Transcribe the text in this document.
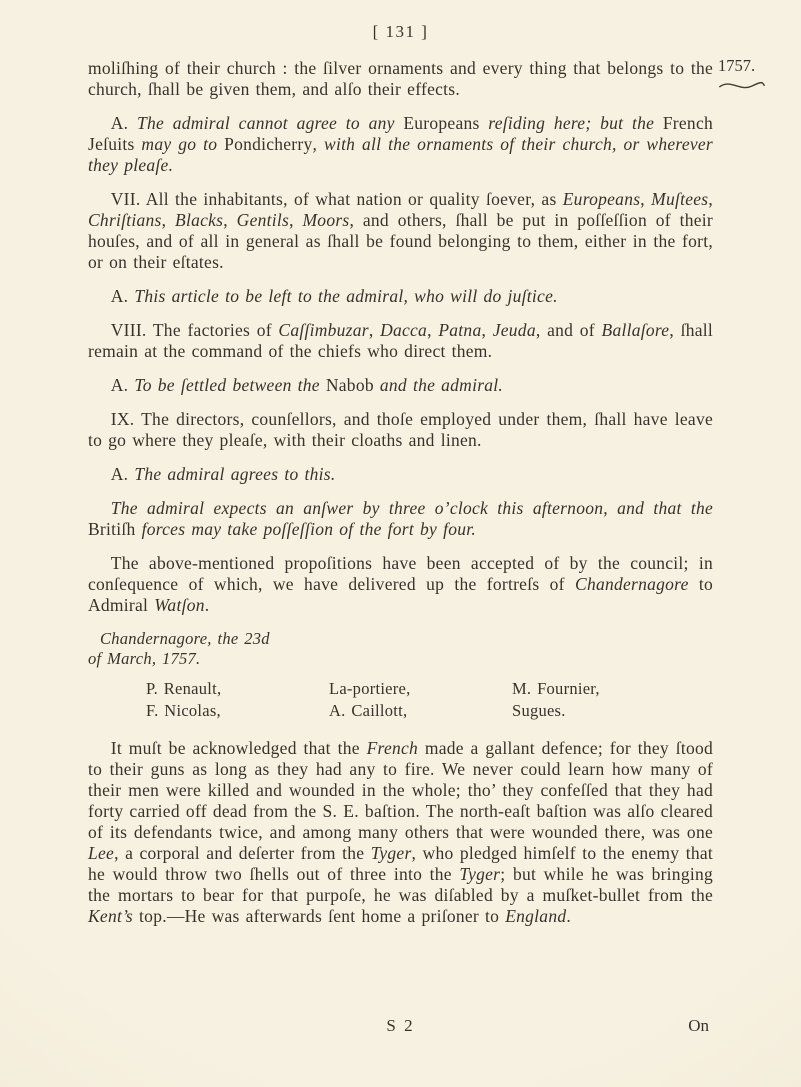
[ 131 ]
1757.

moliſhing of their church : the ſilver ornaments and every thing that belongs to the church, ſhall be given them, and alſo their effects.

A. The admiral cannot agree to any Europeans reſiding here; but the French Jeſuits may go to Pondicherry, with all the ornaments of their church, or wherever they pleaſe.

VII. All the inhabitants, of what nation or quality ſoever, as Europeans, Muſtees, Chriſtians, Blacks, Gentils, Moors, and others, ſhall be put in poſſeſſion of their houſes, and of all in general as ſhall be found belonging to them, either in the fort, or on their eſtates.

A. This article to be left to the admiral, who will do juſtice.

VIII. The factories of Caſſimbuzar, Dacca, Patna, Jeuda, and of Ballaſore, ſhall remain at the command of the chiefs who direct them.

A. To be ſettled between the Nabob and the admiral.

IX. The directors, counſellors, and thoſe employed under them, ſhall have leave to go where they pleaſe, with their cloaths and linen.

A. The admiral agrees to this.

The admiral expects an anſwer by three o’clock this afternoon, and that the Britiſh forces may take poſſeſſion of the fort by four.

The above-mentioned propoſitions have been accepted of by the council; in conſequence of which, we have delivered up the fortreſs of Chandernagore to Admiral Watſon.

Chandernagore, the 23d
of March, 1757.
P. Renault,
F. Nicolas,
La-portiere,
A. Caillott,
M. Fournier,
Sugues.

It muſt be acknowledged that the French made a gallant defence; for they ſtood to their guns as long as they had any to fire. We never could learn how many of their men were killed and wounded in the whole; tho’ they confeſſed that they had forty carried off dead from the S. E. baſtion. The north-eaſt baſtion was alſo cleared of its defendants twice, and among many others that were wounded there, was one Lee, a corporal and deſerter from the Tyger, who pledged himſelf to the enemy that he would throw two ſhells out of three into the Tyger; but while he was bringing the mortars to bear for that purpoſe, he was diſabled by a muſket-bullet from the Kent’s top.—He was afterwards ſent home a priſoner to England.

S 2	On
